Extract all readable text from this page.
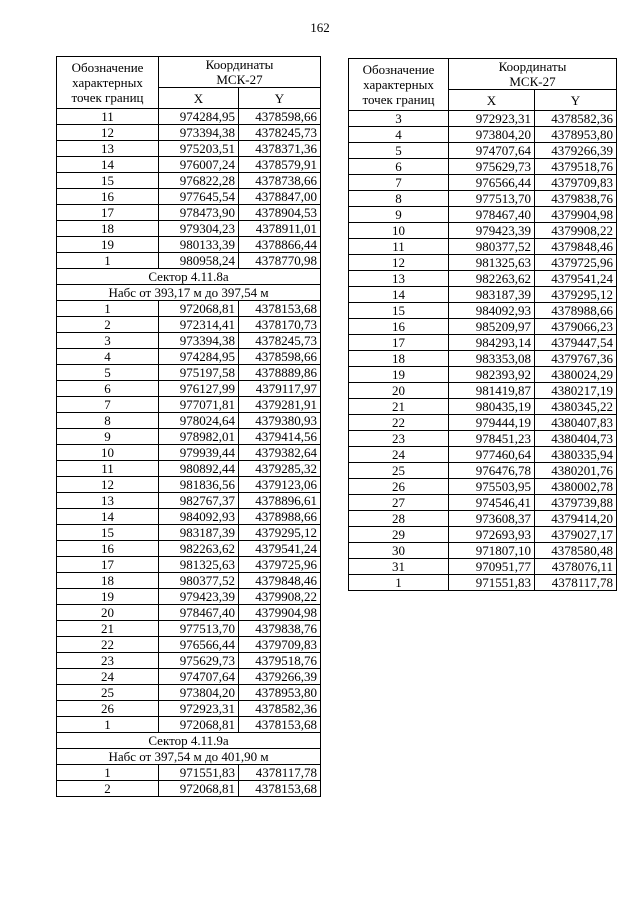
162
Обозначение
характерных
точек границ	Координаты
МСК-27	
	X	Y
11	974284,95	4378598,66
12	973394,38	4378245,73
13	975203,51	4378371,36
14	976007,24	4378579,91
15	976822,28	4378738,66
16	977645,54	4378847,00
17	978473,90	4378904,53
18	979304,23	4378911,01
19	980133,39	4378866,44
1	980958,24	4378770,98
Сектор 4.11.8а		
Набс от 393,17 м до 397,54 м		
1	972068,81	4378153,68
2	972314,41	4378170,73
3	973394,38	4378245,73
4	974284,95	4378598,66
5	975197,58	4378889,86
6	976127,99	4379117,97
7	977071,81	4379281,91
8	978024,64	4379380,93
9	978982,01	4379414,56
10	979939,44	4379382,64
11	980892,44	4379285,32
12	981836,56	4379123,06
13	982767,37	4378896,61
14	984092,93	4378988,66
15	983187,39	4379295,12
16	982263,62	4379541,24
17	981325,63	4379725,96
18	980377,52	4379848,46
19	979423,39	4379908,22
20	978467,40	4379904,98
21	977513,70	4379838,76
22	976566,44	4379709,83
23	975629,73	4379518,76
24	974707,64	4379266,39
25	973804,20	4378953,80
26	972923,31	4378582,36
1	972068,81	4378153,68
Сектор 4.11.9а		
Набс от 397,54 м до 401,90 м		
1	971551,83	4378117,78
2	972068,81	4378153,68
Обозначение
характерных
точек границ	Координаты
МСК-27	
	X	Y
3	972923,31	4378582,36
4	973804,20	4378953,80
5	974707,64	4379266,39
6	975629,73	4379518,76
7	976566,44	4379709,83
8	977513,70	4379838,76
9	978467,40	4379904,98
10	979423,39	4379908,22
11	980377,52	4379848,46
12	981325,63	4379725,96
13	982263,62	4379541,24
14	983187,39	4379295,12
15	984092,93	4378988,66
16	985209,97	4379066,23
17	984293,14	4379447,54
18	983353,08	4379767,36
19	982393,92	4380024,29
20	981419,87	4380217,19
21	980435,19	4380345,22
22	979444,19	4380407,83
23	978451,23	4380404,73
24	977460,64	4380335,94
25	976476,78	4380201,76
26	975503,95	4380002,78
27	974546,41	4379739,88
28	973608,37	4379414,20
29	972693,93	4379027,17
30	971807,10	4378580,48
31	970951,77	4378076,11
1	971551,83	4378117,78
